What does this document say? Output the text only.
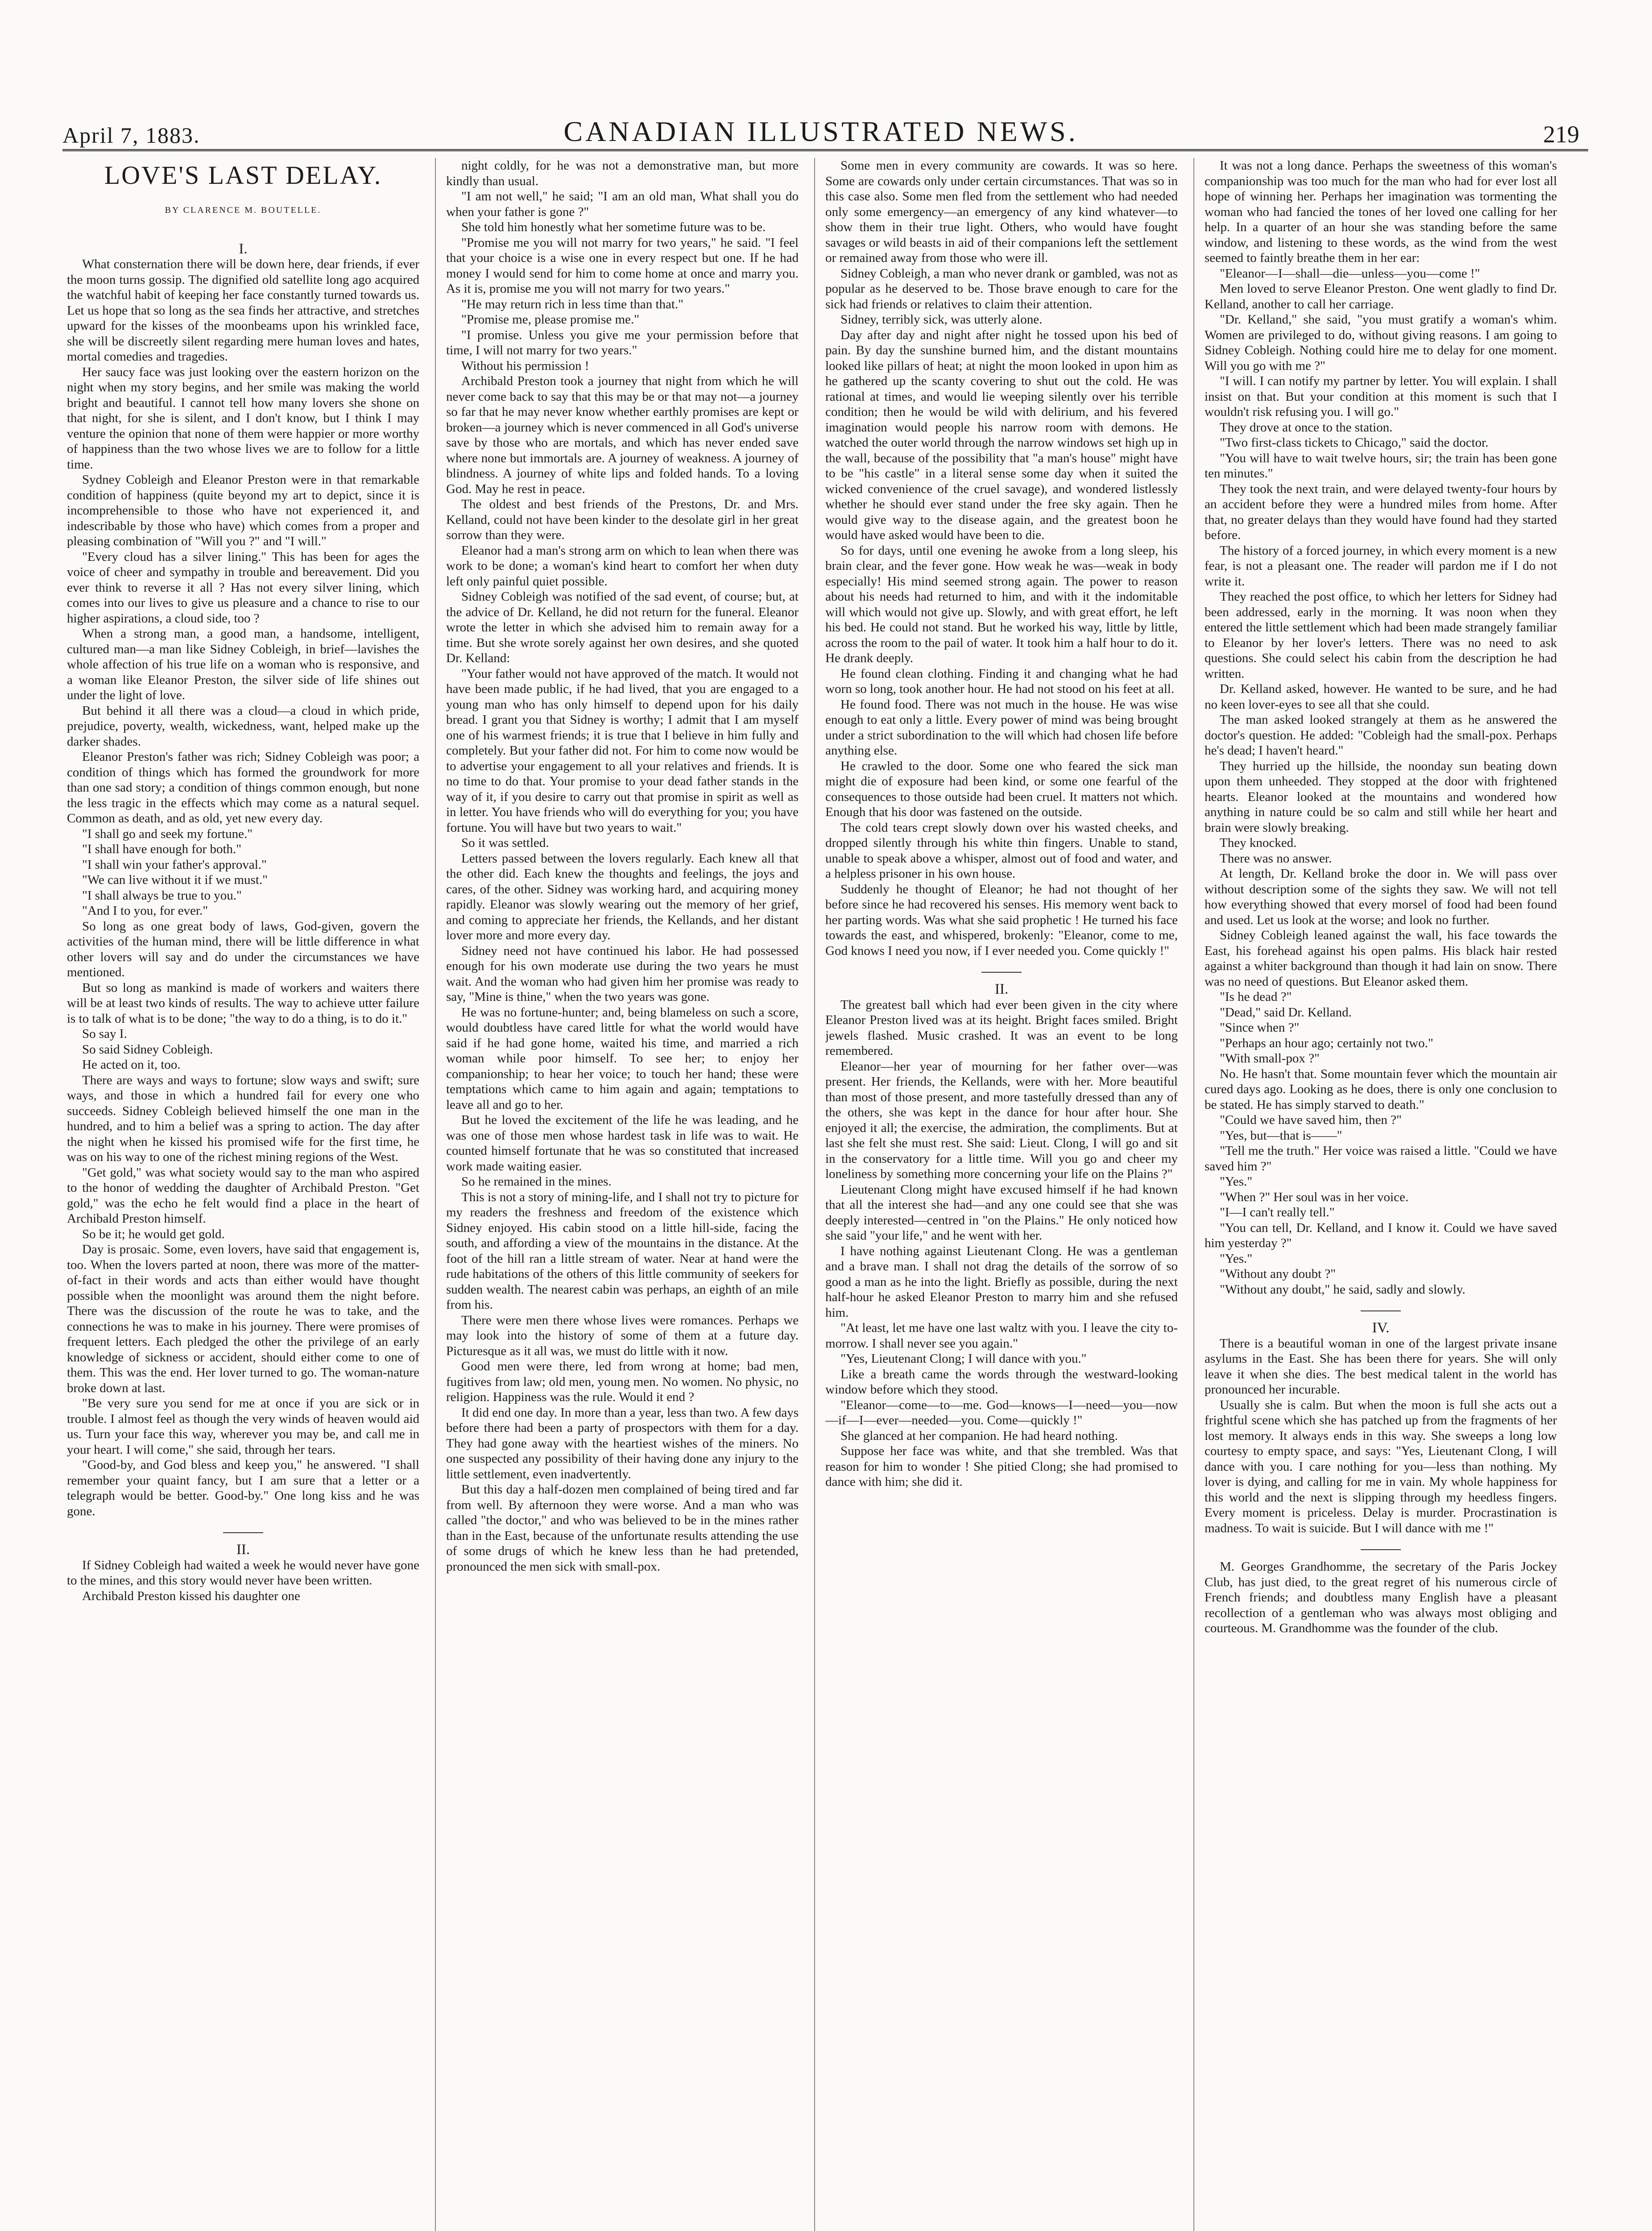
April 7, 1883.	CANADIAN ILLUSTRATED NEWS.	219
LOVE'S LAST DELAY.
BY CLARENCE M. BOUTELLE.

I.

What consternation there will be down here, dear friends, if ever the moon turns gossip. The dignified old satellite long ago acquired the watchful habit of keeping her face constantly turned towards us. Let us hope that so long as the sea finds her attractive, and stretches upward for the kisses of the moonbeams upon his wrinkled face, she will be discreetly silent regarding mere human loves and hates, mortal comedies and tragedies.

Her saucy face was just looking over the eastern horizon on the night when my story begins, and her smile was making the world bright and beautiful. I cannot tell how many lovers she shone on that night, for she is silent, and I don't know, but I think I may venture the opinion that none of them were happier or more worthy of happiness than the two whose lives we are to follow for a little time.

Sydney Cobleigh and Eleanor Preston were in that remarkable condition of happiness (quite beyond my art to depict, since it is incomprehensible to those who have not experienced it, and indescribable by those who have) which comes from a proper and pleasing combination of "Will you ?" and "I will."

"Every cloud has a silver lining." This has been for ages the voice of cheer and sympathy in trouble and bereavement. Did you ever think to reverse it all ? Has not every silver lining, which comes into our lives to give us pleasure and a chance to rise to our higher aspirations, a cloud side, too ?

When a strong man, a good man, a handsome, intelligent, cultured man—a man like Sidney Cobleigh, in brief—lavishes the whole affection of his true life on a woman who is responsive, and a woman like Eleanor Preston, the silver side of life shines out under the light of love.

But behind it all there was a cloud—a cloud in which pride, prejudice, poverty, wealth, wickedness, want, helped make up the darker shades.

Eleanor Preston's father was rich; Sidney Cobleigh was poor; a condition of things which has formed the groundwork for more than one sad story; a condition of things common enough, but none the less tragic in the effects which may come as a natural sequel. Common as death, and as old, yet new every day.

"I shall go and seek my fortune."

"I shall have enough for both."

"I shall win your father's approval."

"We can live without it if we must."

"I shall always be true to you."

"And I to you, for ever."

So long as one great body of laws, God-given, govern the activities of the human mind, there will be little difference in what other lovers will say and do under the circumstances we have mentioned.

But so long as mankind is made of workers and waiters there will be at least two kinds of results. The way to achieve utter failure is to talk of what is to be done; "the way to do a thing, is to do it."

So say I.

So said Sidney Cobleigh.

He acted on it, too.

There are ways and ways to fortune; slow ways and swift; sure ways, and those in which a hundred fail for every one who succeeds. Sidney Cobleigh believed himself the one man in the hundred, and to him a belief was a spring to action. The day after the night when he kissed his promised wife for the first time, he was on his way to one of the richest mining regions of the West.

"Get gold," was what society would say to the man who aspired to the honor of wedding the daughter of Archibald Preston. "Get gold," was the echo he felt would find a place in the heart of Archibald Preston himself.

So be it; he would get gold.

Day is prosaic. Some, even lovers, have said that engagement is, too. When the lovers parted at noon, there was more of the matter-of-fact in their words and acts than either would have thought possible when the moonlight was around them the night before. There was the discussion of the route he was to take, and the connections he was to make in his journey. There were promises of frequent letters. Each pledged the other the privilege of an early knowledge of sickness or accident, should either come to one of them. This was the end. Her lover turned to go. The woman-nature broke down at last.

"Be very sure you send for me at once if you are sick or in trouble. I almost feel as though the very winds of heaven would aid us. Turn your face this way, wherever you may be, and call me in your heart. I will come," she said, through her tears.

"Good-by, and God bless and keep you," he answered. "I shall remember your quaint fancy, but I am sure that a letter or a telegraph would be better. Good-by." One long kiss and he was gone.

II.

If Sidney Cobleigh had waited a week he would never have gone to the mines, and this story would never have been written.

Archibald Preston kissed his daughter one

night coldly, for he was not a demonstrative man, but more kindly than usual.

"I am not well," he said; "I am an old man, What shall you do when your father is gone ?"

She told him honestly what her sometime future was to be.

"Promise me you will not marry for two years," he said. "I feel that your choice is a wise one in every respect but one. If he had money I would send for him to come home at once and marry you. As it is, promise me you will not marry for two years."

"He may return rich in less time than that."

"Promise me, please promise me."

"I promise. Unless you give me your permission before that time, I will not marry for two years."

Without his permission !

Archibald Preston took a journey that night from which he will never come back to say that this may be or that may not—a journey so far that he may never know whether earthly promises are kept or broken—a journey which is never commenced in all God's universe save by those who are mortals, and which has never ended save where none but immortals are. A journey of weakness. A journey of blindness. A journey of white lips and folded hands. To a loving God. May he rest in peace.

The oldest and best friends of the Prestons, Dr. and Mrs. Kelland, could not have been kinder to the desolate girl in her great sorrow than they were.

Eleanor had a man's strong arm on which to lean when there was work to be done; a woman's kind heart to comfort her when duty left only painful quiet possible.

Sidney Cobleigh was notified of the sad event, of course; but, at the advice of Dr. Kelland, he did not return for the funeral. Eleanor wrote the letter in which she advised him to remain away for a time. But she wrote sorely against her own desires, and she quoted Dr. Kelland:

"Your father would not have approved of the match. It would not have been made public, if he had lived, that you are engaged to a young man who has only himself to depend upon for his daily bread. I grant you that Sidney is worthy; I admit that I am myself one of his warmest friends; it is true that I believe in him fully and completely. But your father did not. For him to come now would be to advertise your engagement to all your relatives and friends. It is no time to do that. Your promise to your dead father stands in the way of it, if you desire to carry out that promise in spirit as well as in letter. You have friends who will do everything for you; you have fortune. You will have but two years to wait."

So it was settled.

Letters passed between the lovers regularly. Each knew all that the other did. Each knew the thoughts and feelings, the joys and cares, of the other. Sidney was working hard, and acquiring money rapidly. Eleanor was slowly wearing out the memory of her grief, and coming to appreciate her friends, the Kellands, and her distant lover more and more every day.

Sidney need not have continued his labor. He had possessed enough for his own moderate use during the two years he must wait. And the woman who had given him her promise was ready to say, "Mine is thine," when the two years was gone.

He was no fortune-hunter; and, being blameless on such a score, would doubtless have cared little for what the world would have said if he had gone home, waited his time, and married a rich woman while poor himself. To see her; to enjoy her companionship; to hear her voice; to touch her hand; these were temptations which came to him again and again; temptations to leave all and go to her.

But he loved the excitement of the life he was leading, and he was one of those men whose hardest task in life was to wait. He counted himself fortunate that he was so constituted that increased work made waiting easier.

So he remained in the mines.

This is not a story of mining-life, and I shall not try to picture for my readers the freshness and freedom of the existence which Sidney enjoyed. His cabin stood on a little hill-side, facing the south, and affording a view of the mountains in the distance. At the foot of the hill ran a little stream of water. Near at hand were the rude habitations of the others of this little community of seekers for sudden wealth. The nearest cabin was perhaps, an eighth of an mile from his.

There were men there whose lives were romances. Perhaps we may look into the history of some of them at a future day. Picturesque as it all was, we must do little with it now.

Good men were there, led from wrong at home; bad men, fugitives from law; old men, young men. No women. No physic, no religion. Happiness was the rule. Would it end ?

It did end one day. In more than a year, less than two. A few days before there had been a party of prospectors with them for a day. They had gone away with the heartiest wishes of the miners. No one suspected any possibility of their having done any injury to the little settlement, even inadvertently.

But this day a half-dozen men complained of being tired and far from well. By afternoon they were worse. And a man who was called "the doctor," and who was believed to be in the mines rather than in the East, because of the unfortunate results attending the use of some drugs of which he knew less than he had pretended, pronounced the men sick with small-pox.

Some men in every community are cowards. It was so here. Some are cowards only under certain circumstances. That was so in this case also. Some men fled from the settlement who had needed only some emergency—an emergency of any kind whatever—to show them in their true light. Others, who would have fought savages or wild beasts in aid of their companions left the settlement or remained away from those who were ill.

Sidney Cobleigh, a man who never drank or gambled, was not as popular as he deserved to be. Those brave enough to care for the sick had friends or relatives to claim their attention.

Sidney, terribly sick, was utterly alone.

Day after day and night after night he tossed upon his bed of pain. By day the sunshine burned him, and the distant mountains looked like pillars of heat; at night the moon looked in upon him as he gathered up the scanty covering to shut out the cold. He was rational at times, and would lie weeping silently over his terrible condition; then he would be wild with delirium, and his fevered imagination would people his narrow room with demons. He watched the outer world through the narrow windows set high up in the wall, because of the possibility that "a man's house" might have to be "his castle" in a literal sense some day when it suited the wicked convenience of the cruel savage), and wondered listlessly whether he should ever stand under the free sky again. Then he would give way to the disease again, and the greatest boon he would have asked would have been to die.

So for days, until one evening he awoke from a long sleep, his brain clear, and the fever gone. How weak he was—weak in body especially! His mind seemed strong again. The power to reason about his needs had returned to him, and with it the indomitable will which would not give up. Slowly, and with great effort, he left his bed. He could not stand. But he worked his way, little by little, across the room to the pail of water. It took him a half hour to do it. He drank deeply.

He found clean clothing. Finding it and changing what he had worn so long, took another hour. He had not stood on his feet at all.

He found food. There was not much in the house. He was wise enough to eat only a little. Every power of mind was being brought under a strict subordination to the will which had chosen life before anything else.

He crawled to the door. Some one who feared the sick man might die of exposure had been kind, or some one fearful of the consequences to those outside had been cruel. It matters not which. Enough that his door was fastened on the outside.

The cold tears crept slowly down over his wasted cheeks, and dropped silently through his white thin fingers. Unable to stand, unable to speak above a whisper, almost out of food and water, and a helpless prisoner in his own house.

Suddenly he thought of Eleanor; he had not thought of her before since he had recovered his senses. His memory went back to her parting words. Was what she said prophetic ! He turned his face towards the east, and whispered, brokenly: "Eleanor, come to me, God knows I need you now, if I ever needed you. Come quickly !"

II.

The greatest ball which had ever been given in the city where Eleanor Preston lived was at its height. Bright faces smiled. Bright jewels flashed. Music crashed. It was an event to be long remembered.

Eleanor—her year of mourning for her father over—was present. Her friends, the Kellands, were with her. More beautiful than most of those present, and more tastefully dressed than any of the others, she was kept in the dance for hour after hour. She enjoyed it all; the exercise, the admiration, the compliments. But at last she felt she must rest. She said: Lieut. Clong, I will go and sit in the conservatory for a little time. Will you go and cheer my loneliness by something more concerning your life on the Plains ?"

Lieutenant Clong might have excused himself if he had known that all the interest she had—and any one could see that she was deeply interested—centred in "on the Plains." He only noticed how she said "your life," and he went with her.

I have nothing against Lieutenant Clong. He was a gentleman and a brave man. I shall not drag the details of the sorrow of so good a man as he into the light. Briefly as possible, during the next half-hour he asked Eleanor Preston to marry him and she refused him.

"At least, let me have one last waltz with you. I leave the city to-morrow. I shall never see you again."

"Yes, Lieutenant Clong; I will dance with you."

Like a breath came the words through the westward-looking window before which they stood.

"Eleanor—come—to—me. God—knows—I—need—you—now—if—I—ever—needed—you. Come—quickly !"

She glanced at her companion. He had heard nothing.

Suppose her face was white, and that she trembled. Was that reason for him to wonder ! She pitied Clong; she had promised to dance with him; she did it.

It was not a long dance. Perhaps the sweetness of this woman's companionship was too much for the man who had for ever lost all hope of winning her. Perhaps her imagination was tormenting the woman who had fancied the tones of her loved one calling for her help. In a quarter of an hour she was standing before the same window, and listening to these words, as the wind from the west seemed to faintly breathe them in her ear:

"Eleanor—I—shall—die—unless—you—come !"

Men loved to serve Eleanor Preston. One went gladly to find Dr. Kelland, another to call her carriage.

"Dr. Kelland," she said, "you must gratify a woman's whim. Women are privileged to do, without giving reasons. I am going to Sidney Cobleigh. Nothing could hire me to delay for one moment. Will you go with me ?"

"I will. I can notify my partner by letter. You will explain. I shall insist on that. But your condition at this moment is such that I wouldn't risk refusing you. I will go."

They drove at once to the station.

"Two first-class tickets to Chicago," said the doctor.

"You will have to wait twelve hours, sir; the train has been gone ten minutes."

They took the next train, and were delayed twenty-four hours by an accident before they were a hundred miles from home. After that, no greater delays than they would have found had they started before.

The history of a forced journey, in which every moment is a new fear, is not a pleasant one. The reader will pardon me if I do not write it.

They reached the post office, to which her letters for Sidney had been addressed, early in the morning. It was noon when they entered the little settlement which had been made strangely familiar to Eleanor by her lover's letters. There was no need to ask questions. She could select his cabin from the description he had written.

Dr. Kelland asked, however. He wanted to be sure, and he had no keen lover-eyes to see all that she could.

The man asked looked strangely at them as he answered the doctor's question. He added: "Cobleigh had the small-pox. Perhaps he's dead; I haven't heard."

They hurried up the hillside, the noonday sun beating down upon them unheeded. They stopped at the door with frightened hearts. Eleanor looked at the mountains and wondered how anything in nature could be so calm and still while her heart and brain were slowly breaking.

They knocked.

There was no answer.

At length, Dr. Kelland broke the door in. We will pass over without description some of the sights they saw. We will not tell how everything showed that every morsel of food had been found and used. Let us look at the worse; and look no further.

Sidney Cobleigh leaned against the wall, his face towards the East, his forehead against his open palms. His black hair rested against a whiter background than though it had lain on snow. There was no need of questions. But Eleanor asked them.

"Is he dead ?"

"Dead," said Dr. Kelland.

"Since when ?"

"Perhaps an hour ago; certainly not two."

"With small-pox ?"

No. He hasn't that. Some mountain fever which the mountain air cured days ago. Looking as he does, there is only one conclusion to be stated. He has simply starved to death."

"Could we have saved him, then ?"

"Yes, but—that is——"

"Tell me the truth." Her voice was raised a little. "Could we have saved him ?"

"Yes."

"When ?" Her soul was in her voice.

"I—I can't really tell."

"You can tell, Dr. Kelland, and I know it. Could we have saved him yesterday ?"

"Yes."

"Without any doubt ?"

"Without any doubt," he said, sadly and slowly.

IV.

There is a beautiful woman in one of the largest private insane asylums in the East. She has been there for years. She will only leave it when she dies. The best medical talent in the world has pronounced her incurable.

Usually she is calm. But when the moon is full she acts out a frightful scene which she has patched up from the fragments of her lost memory. It always ends in this way. She sweeps a long low courtesy to empty space, and says: "Yes, Lieutenant Clong, I will dance with you. I care nothing for you—less than nothing. My lover is dying, and calling for me in vain. My whole happiness for this world and the next is slipping through my heedless fingers. Every moment is priceless. Delay is murder. Procrastination is madness. To wait is suicide. But I will dance with me !"

M. Georges Grandhomme, the secretary of the Paris Jockey Club, has just died, to the great regret of his numerous circle of French friends; and doubtless many English have a pleasant recollection of a gentleman who was always most obliging and courteous. M. Grandhomme was the founder of the club.
